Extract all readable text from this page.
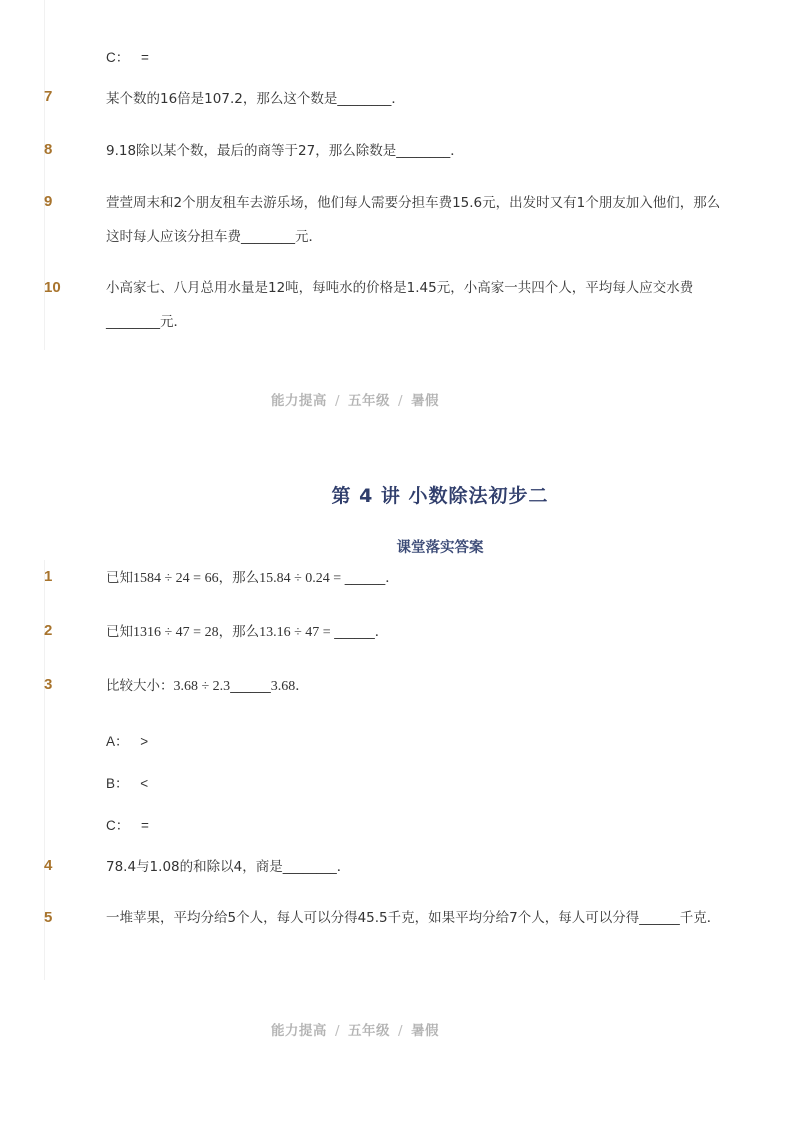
C： =
7	某个数的16倍是107.2，那么这个数是________．
8	9.18除以某个数，最后的商等于27，那么除数是________．
9	萱萱周末和2个朋友租车去游乐场，他们每人需要分担车费15.6元，出发时又有1个朋友加入他们，那么这时每人应该分担车费________元．
10	小高家七、八月总用水量是12吨，每吨水的价格是1.45元，小高家一共四个人，平均每人应交水费________元．
能力提高 / 五年级 / 暑假
第 4 讲 小数除法初步二
课堂落实答案
1	已知1584 ÷ 24 = 66，那么15.84 ÷ 0.24 = ______．
2	已知1316 ÷ 47 = 28，那么13.16 ÷ 47 = ______．
3	比较大小：3.68 ÷ 2.3______3.68．
A： >
B： <
C： =
4	78.4与1.08的和除以4，商是________．
5	一堆苹果，平均分给5个人，每人可以分得45.5千克，如果平均分给7个人，每人可以分得______千克．
能力提高 / 五年级 / 暑假
